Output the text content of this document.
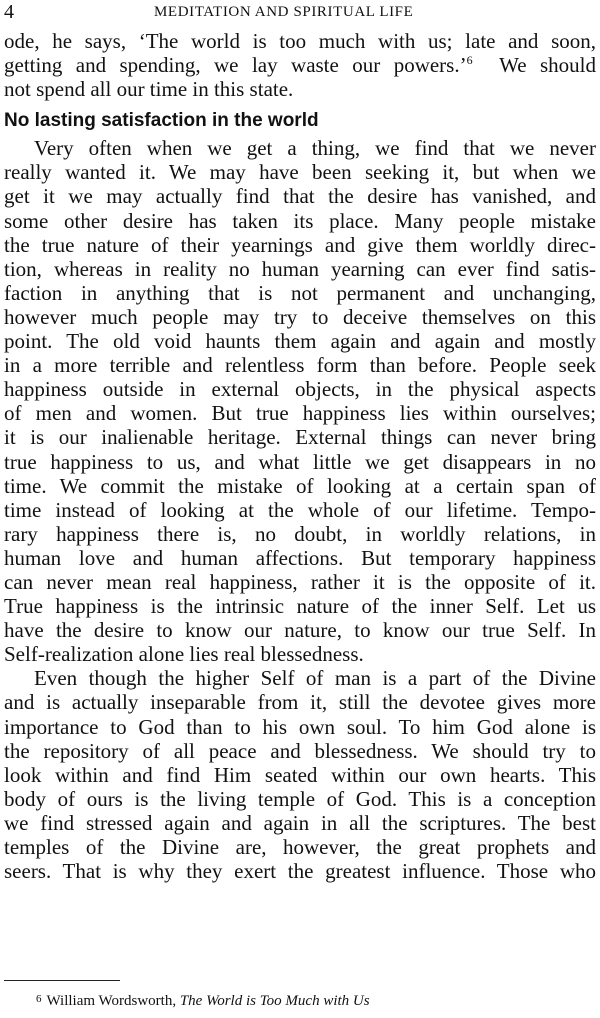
4	MEDITATION AND SPIRITUAL LIFE
ode, he says, ‘The world is too much with us; late and soon,
getting and spending, we lay waste our powers.’$^6$ We should
not spend all our time in this state.
No lasting satisfaction in the world
Very often when we get a thing, we find that we never
really wanted it. We may have been seeking it, but when we
get it we may actually find that the desire has vanished, and
some other desire has taken its place. Many people mistake
the true nature of their yearnings and give them worldly direc-
tion, whereas in reality no human yearning can ever find satis-
faction in anything that is not permanent and unchanging,
however much people may try to deceive themselves on this
point. The old void haunts them again and again and mostly
in a more terrible and relentless form than before. People seek
happiness outside in external objects, in the physical aspects
of men and women. But true happiness lies within ourselves;
it is our inalienable heritage. External things can never bring
true happiness to us, and what little we get disappears in no
time. We commit the mistake of looking at a certain span of
time instead of looking at the whole of our lifetime. Tempo-
rary happiness there is, no doubt, in worldly relations, in
human love and human affections. But temporary happiness
can never mean real happiness, rather it is the opposite of it.
True happiness is the intrinsic nature of the inner Self. Let us
have the desire to know our nature, to know our true Self. In
Self-realization alone lies real blessedness.
Even though the higher Self of man is a part of the Divine
and is actually inseparable from it, still the devotee gives more
importance to God than to his own soul. To him God alone is
the repository of all peace and blessedness. We should try to
look within and find Him seated within our own hearts. This
body of ours is the living temple of God. This is a conception
we find stressed again and again in all the scriptures. The best
temples of the Divine are, however, the great prophets and
seers. That is why they exert the greatest influence. Those who
$^6$ William Wordsworth, The World is Too Much with Us
